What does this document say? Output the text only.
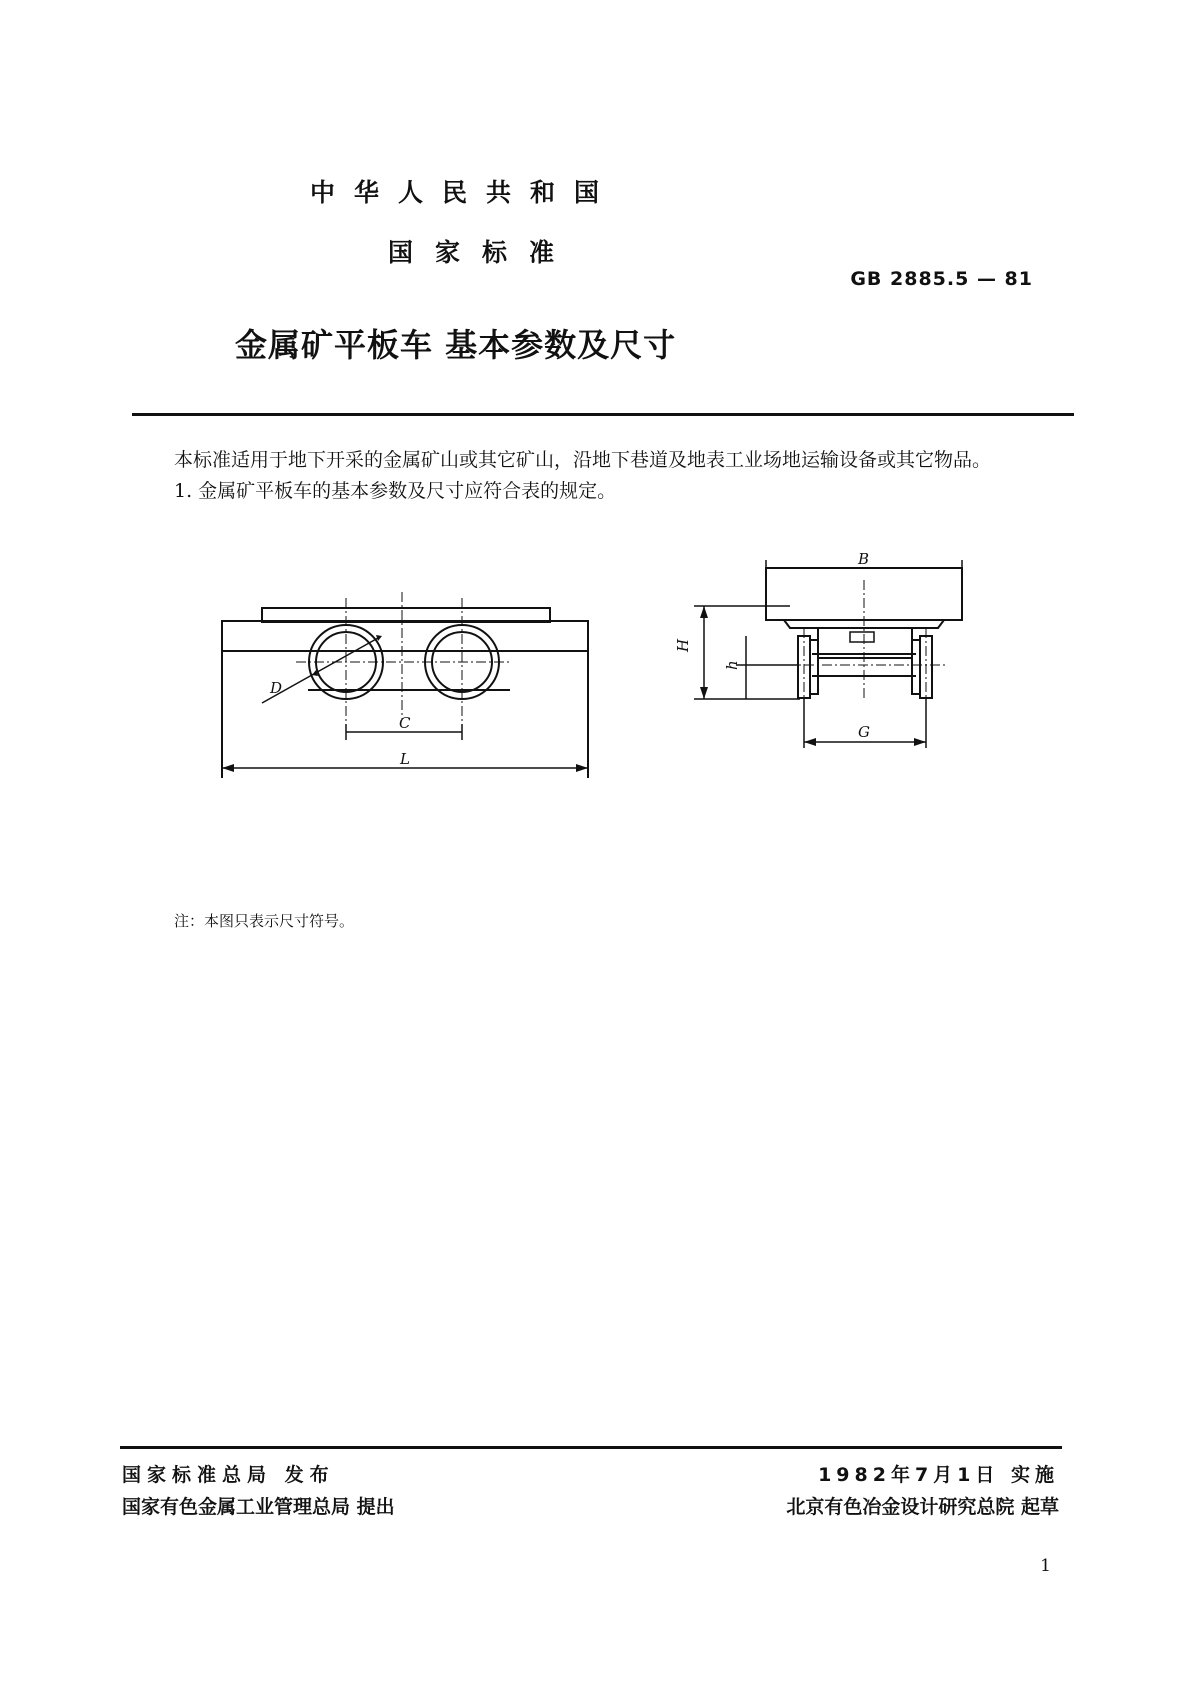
中华人民共和国
国家标准
GB 2885.5 — 81
金属矿平板车 基本参数及尺寸
本标准适用于地下开采的金属矿山或其它矿山，沿地下巷道及地表工业场地运输设备或其它物品。
1. 金属矿平板车的基本参数及尺寸应符合表的规定。
D
C
L
B
H
h
G
注：本图只表示尺寸符号。
国家标准总局 发布
国家有色金属工业管理总局 提出
1982年7月1日 实施
北京有色冶金设计研究总院 起草
1
